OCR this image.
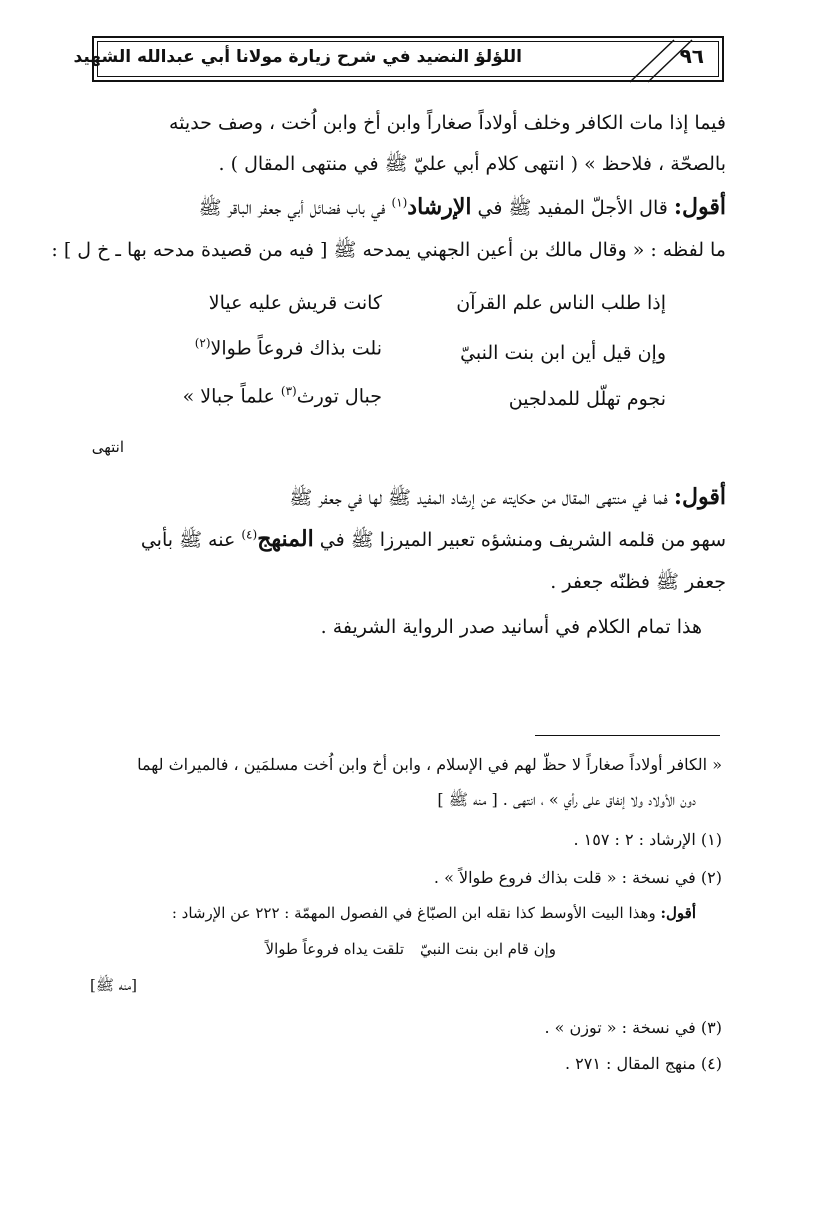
٩٦
اللؤلؤ النضيد في شرح زيارة مولانا أبي عبدالله الشهيد
فيما إذا مات الكافر وخلف أولاداً صغاراً وابن أخ وابن اُخت ، وصف حديثه
بالصحّة ، فلاحظ » ( انتهى كلام أبي عليّ ﷺ في منتهى المقال ) .
أقول: قال الأجلّ المفيد ﷺ في الإرشاد$^{(١)}$ في باب فضائل أبي جعفر الباقر ﷺ
ما لفظه : « وقال مالك بن أعين الجهني يمدحه ﷺ [ فيه من قصيدة مدحه بها ـ خ ل ] :
إذا طلب الناس علم القرآن
كانت قريش عليه عيالا
وإن قيل أين ابن بنت النبيّ
نلت بذاك فروعاً طوالا$^{(٢)}$
نجوم تهلّل للمدلجين
جبال تورث$^{(٣)}$ علماً جبالا »
انتهى
أقول: فما في منتهى المقال من حكايته عن إرشاد المفيد ﷺ لها في جعفر ﷺ
سهو من قلمه الشريف ومنشؤه تعبير الميرزا ﷺ في المنهج$^{(٤)}$ عنه ﷺ بأبي
جعفر ﷺ فظنّه جعفر .
هذا تمام الكلام في أسانيد صدر الرواية الشريفة .
« الكافر أولاداً صغاراً لا حظّ لهم في الإسلام ، وابن أخ وابن اُخت مسلمَين ، فالميراث لهما
دون الأولاد ولا إنفاق على رأي » ، انتهى . [ منه ﷺ ]
(١) الإرشاد : ٢ : ١٥٧ .
(٢) في نسخة : « قلت بذاك فروع طوالاً » .
أقول: وهذا البيت الأوسط كذا نقله ابن الصبّاغ في الفصول المهمّة : ٢٢٢ عن الإرشاد :
وإن قام ابن بنت النبيّ
تلقت يداه فروعاً طوالاً
[منه ﷺ]
(٣) في نسخة : « توزن » .
(٤) منهج المقال : ٢٧١ .
